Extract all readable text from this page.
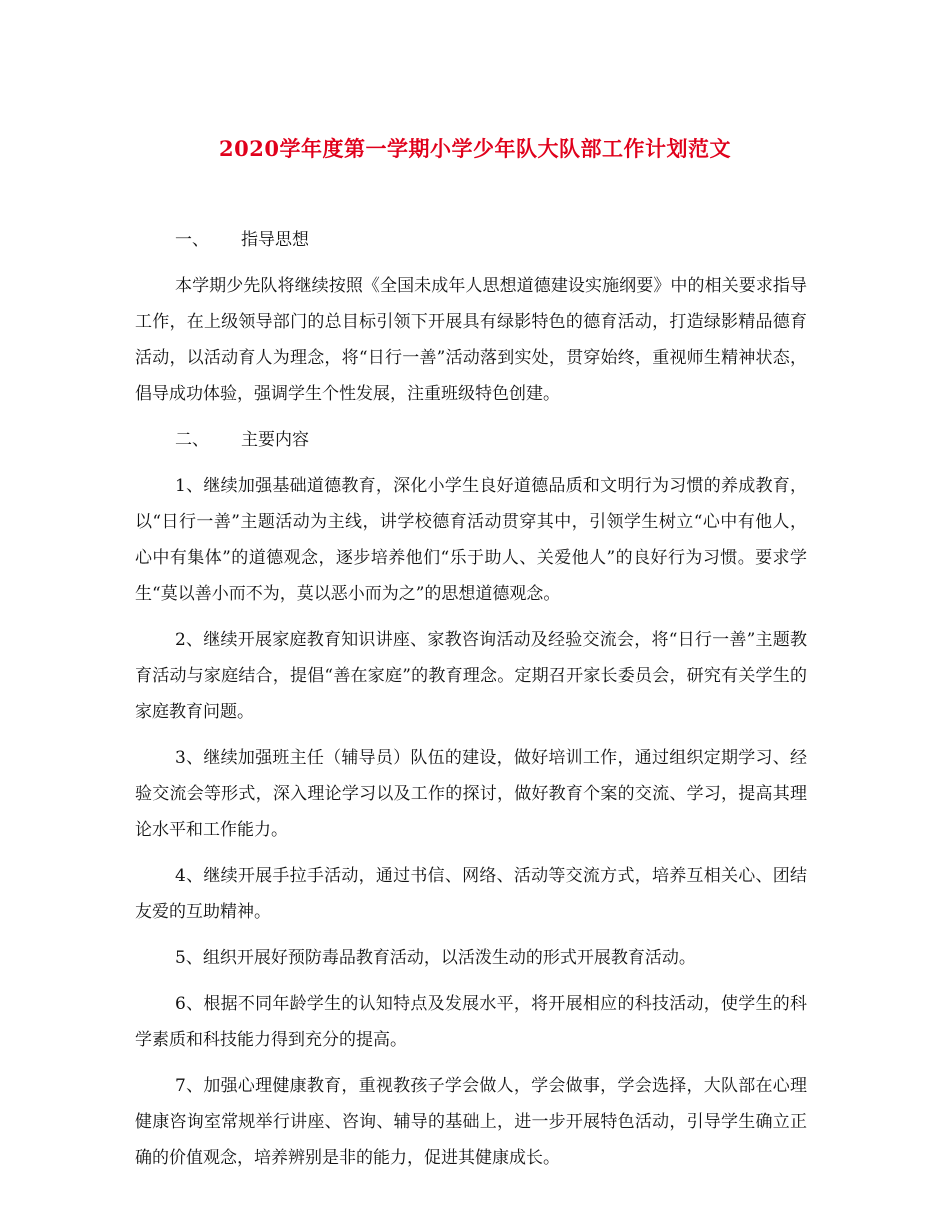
2020学年度第一学期小学少年队大队部工作计划范文

一、 指导思想

本学期少先队将继续按照《全国未成年人思想道德建设实施纲要》中的相关要求指导工作，在上级领导部门的总目标引领下开展具有绿影特色的德育活动，打造绿影精品德育活动，以活动育人为理念，将“日行一善”活动落到实处，贯穿始终，重视师生精神状态，倡导成功体验，强调学生个性发展，注重班级特色创建。

二、 主要内容

1、继续加强基础道德教育，深化小学生良好道德品质和文明行为习惯的养成教育，以“日行一善”主题活动为主线，讲学校德育活动贯穿其中，引领学生树立“心中有他人，心中有集体”的道德观念，逐步培养他们“乐于助人、关爱他人”的良好行为习惯。要求学生“莫以善小而不为，莫以恶小而为之”的思想道德观念。

2、继续开展家庭教育知识讲座、家教咨询活动及经验交流会，将“日行一善”主题教育活动与家庭结合，提倡“善在家庭”的教育理念。定期召开家长委员会，研究有关学生的家庭教育问题。

3、继续加强班主任（辅导员）队伍的建设，做好培训工作，通过组织定期学习、经验交流会等形式，深入理论学习以及工作的探讨，做好教育个案的交流、学习，提高其理论水平和工作能力。

4、继续开展手拉手活动，通过书信、网络、活动等交流方式，培养互相关心、团结友爱的互助精神。

5、组织开展好预防毒品教育活动，以活泼生动的形式开展教育活动。

6、根据不同年龄学生的认知特点及发展水平，将开展相应的科技活动，使学生的科学素质和科技能力得到充分的提高。

7、加强心理健康教育，重视教孩子学会做人，学会做事，学会选择，大队部在心理健康咨询室常规举行讲座、咨询、辅导的基础上，进一步开展特色活动，引导学生确立正确的价值观念，培养辨别是非的能力，促进其健康成长。
